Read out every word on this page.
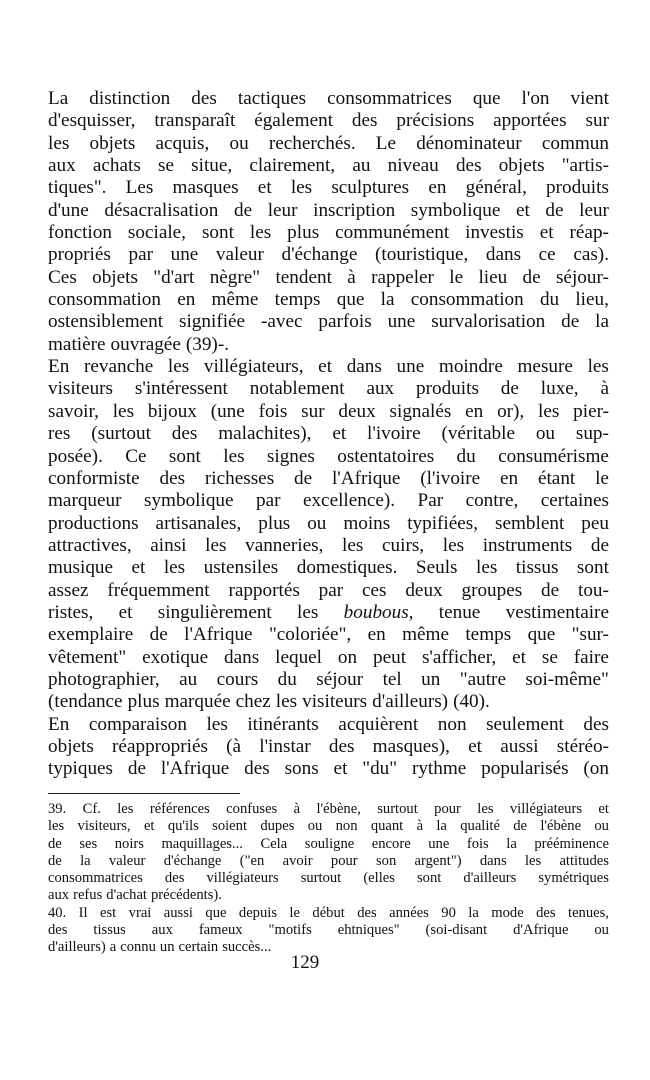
La distinction des tactiques consommatrices que l'on vient
d'esquisser, transparaît également des précisions apportées sur
les objets acquis, ou recherchés. Le dénominateur commun
aux achats se situe, clairement, au niveau des objets "artis-
tiques". Les masques et les sculptures en général, produits
d'une désacralisation de leur inscription symbolique et de leur
fonction sociale, sont les plus communément investis et réap-
propriés par une valeur d'échange (touristique, dans ce cas).
Ces objets "d'art nègre" tendent à rappeler le lieu de séjour-
consommation en même temps que la consommation du lieu,
ostensiblement signifiée -avec parfois une survalorisation de la
matière ouvragée (39)-.
En revanche les villégiateurs, et dans une moindre mesure les
visiteurs s'intéressent notablement aux produits de luxe, à
savoir, les bijoux (une fois sur deux signalés en or), les pier-
res (surtout des malachites), et l'ivoire (véritable ou sup-
posée). Ce sont les signes ostentatoires du consumérisme
conformiste des richesses de l'Afrique (l'ivoire en étant le
marqueur symbolique par excellence). Par contre, certaines
productions artisanales, plus ou moins typifiées, semblent peu
attractives, ainsi les vanneries, les cuirs, les instruments de
musique et les ustensiles domestiques. Seuls les tissus sont
assez fréquemment rapportés par ces deux groupes de tou-
ristes, et singulièrement les boubous, tenue vestimentaire
exemplaire de l'Afrique "coloriée", en même temps que "sur-
vêtement" exotique dans lequel on peut s'afficher, et se faire
photographier, au cours du séjour tel un "autre soi-même"
(tendance plus marquée chez les visiteurs d'ailleurs) (40).
En comparaison les itinérants acquièrent non seulement des
objets réappropriés (à l'instar des masques), et aussi stéréo-
typiques de l'Afrique des sons et "du" rythme popularisés (on
39. Cf. les références confuses à l'ébène, surtout pour les villégiateurs et
les visiteurs, et qu'ils soient dupes ou non quant à la qualité de l'ébène ou
de ses noirs maquillages... Cela souligne encore une fois la prééminence
de la valeur d'échange ("en avoir pour son argent") dans les attitudes
consommatrices des villégiateurs surtout (elles sont d'ailleurs symétriques
aux refus d'achat précédents).
40. Il est vrai aussi que depuis le début des années 90 la mode des tenues,
des tissus aux fameux "motifs ehtniques" (soi-disant d'Afrique ou
d'ailleurs) a connu un certain succès...
129
